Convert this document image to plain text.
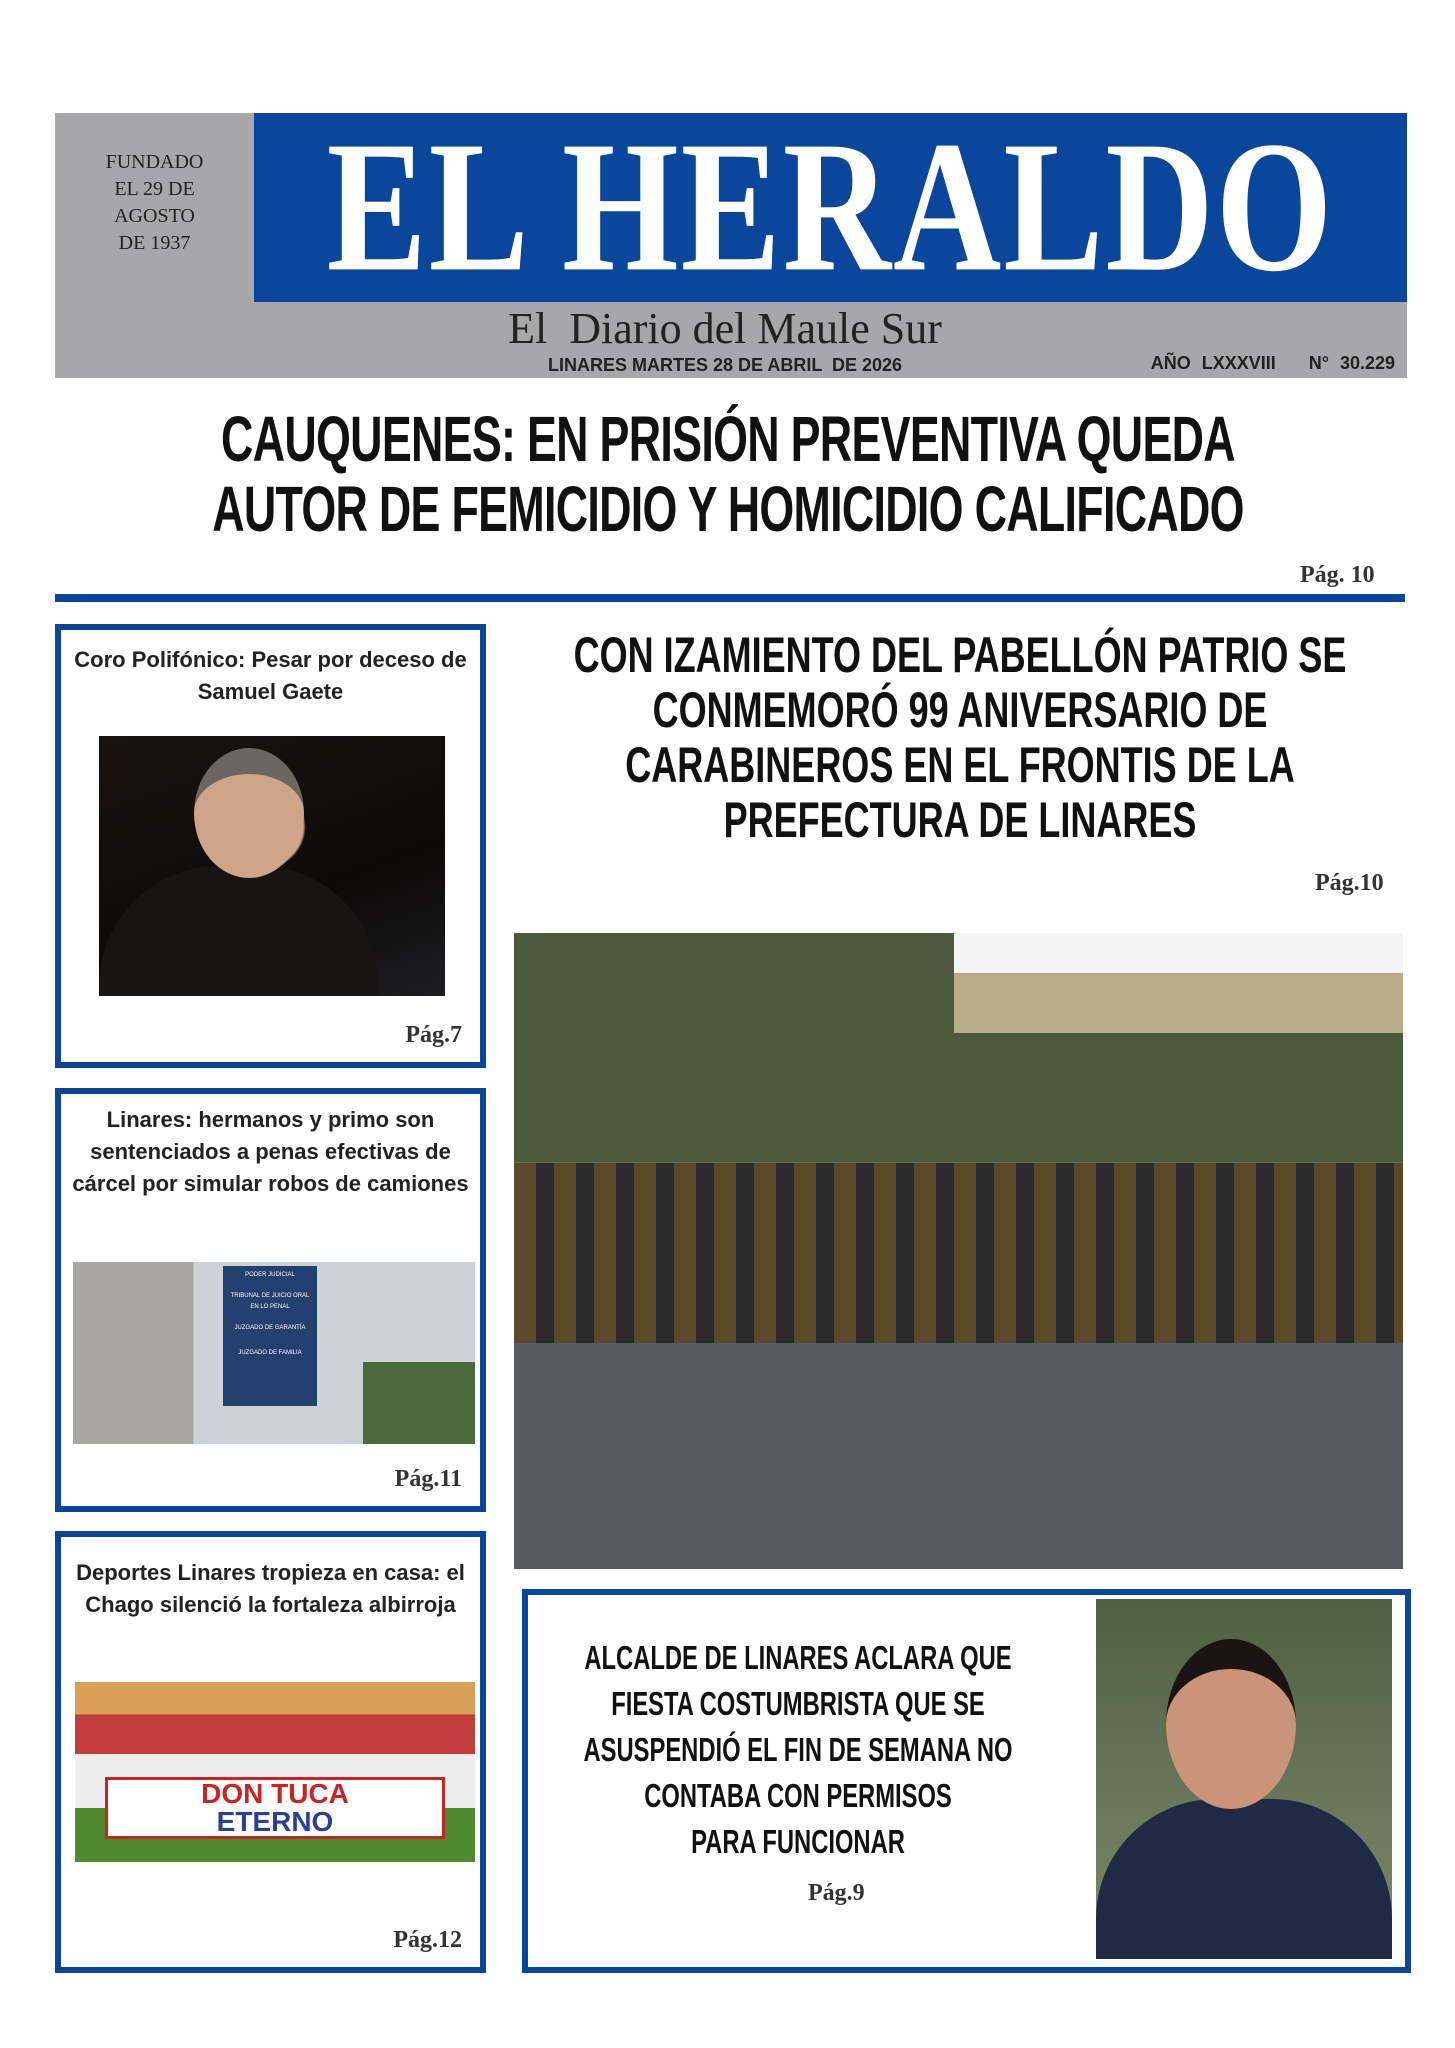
FUNDADO
EL 29 DE
AGOSTO
DE 1937 EL HERALDO
El  Diario del Maule Sur
LINARES MARTES 28 DE ABRIL  DE 2026	AÑO LXXXVIII   N° 30.229
CAUQUENES: EN PRISIÓN PREVENTIVA QUEDA
AUTOR DE FEMICIDIO Y HOMICIDIO CALIFICADO
Pág. 10
Coro Polifónico: Pesar por deceso de Samuel Gaete
Pág.7
Linares: hermanos y primo son sentenciados a penas efectivas de cárcel por simular robos de camiones
PODER JUDICIAL
TRIBUNAL DE JUICIO ORAL EN LO PENAL
JUZGADO DE GARANTÍA
JUZGADO DE FAMILIA
Pág.11
Deportes Linares tropieza en casa: el Chago silenció la fortaleza albirroja
DON TUCA
ETERNO
Pág.12
CON IZAMIENTO DEL PABELLÓN PATRIO SE
CONMEMORÓ 99 ANIVERSARIO DE
CARABINEROS EN EL FRONTIS DE LA
PREFECTURA DE LINARES
Pág.10
ALCALDE DE LINARES ACLARA QUE
FIESTA COSTUMBRISTA QUE SE
ASUSPENDIÓ EL FIN DE SEMANA NO
CONTABA CON PERMISOS
PARA FUNCIONAR
Pág.9
